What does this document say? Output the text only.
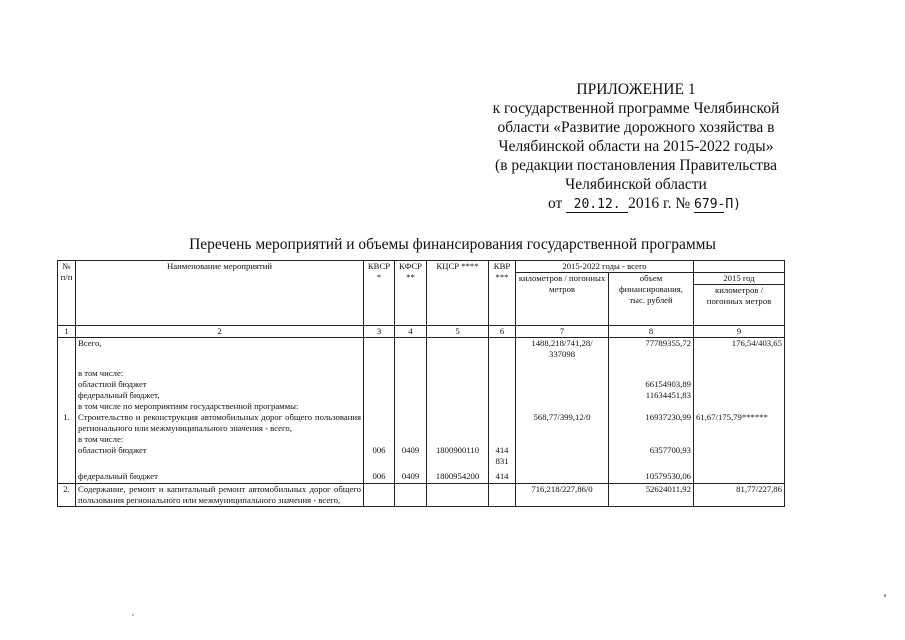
ПРИЛОЖЕНИЕ 1
к государственной программе Челябинской
области «Развитие дорожного хозяйства в
Челябинской области на 2015-2022 годы»
(в редакции постановления Правительства
Челябинской области
от 20.12. 2016 г. № 679-П)
Перечень мероприятий и объемы финансирования государственной программы
№ п/п	Наименование мероприятий	КВСР *	КФСР **	КЦСР ****	КВР ***	2015-2022 годы - всего		
						километров / погонных метров	объем финансирования, тыс. рублей	2015 год
								километров / погонных метров
1	2	3	4	5	6	7	8	9
	Всего,					1488,218/741,28/ 337098	77789355,72	176,54/403,65
	в том числе:							
	областной бюджет						66154903,89	
	федеральный бюджет,						11634451,83	
	в том числе по мероприятиям государственной программы:							
1.	Строительство и реконструкция автомобильных дорог общего пользования регионального или межмуниципального значения - всего,					568,77/399,12/0	16937230,99	61,67/175,79******
	в том числе:							
	областной бюджет	006	0409	1800900110	414 831		6357700,93	
	федеральный бюджет	006	0409	1800954200	414		10579530,06	
2.	Содержание, ремонт и капитальный ремонт автомобильных дорог общего пользования регионального или межмуниципального значения - всего,					716,218/227,86/0	52624011,92	81,77/227,86
